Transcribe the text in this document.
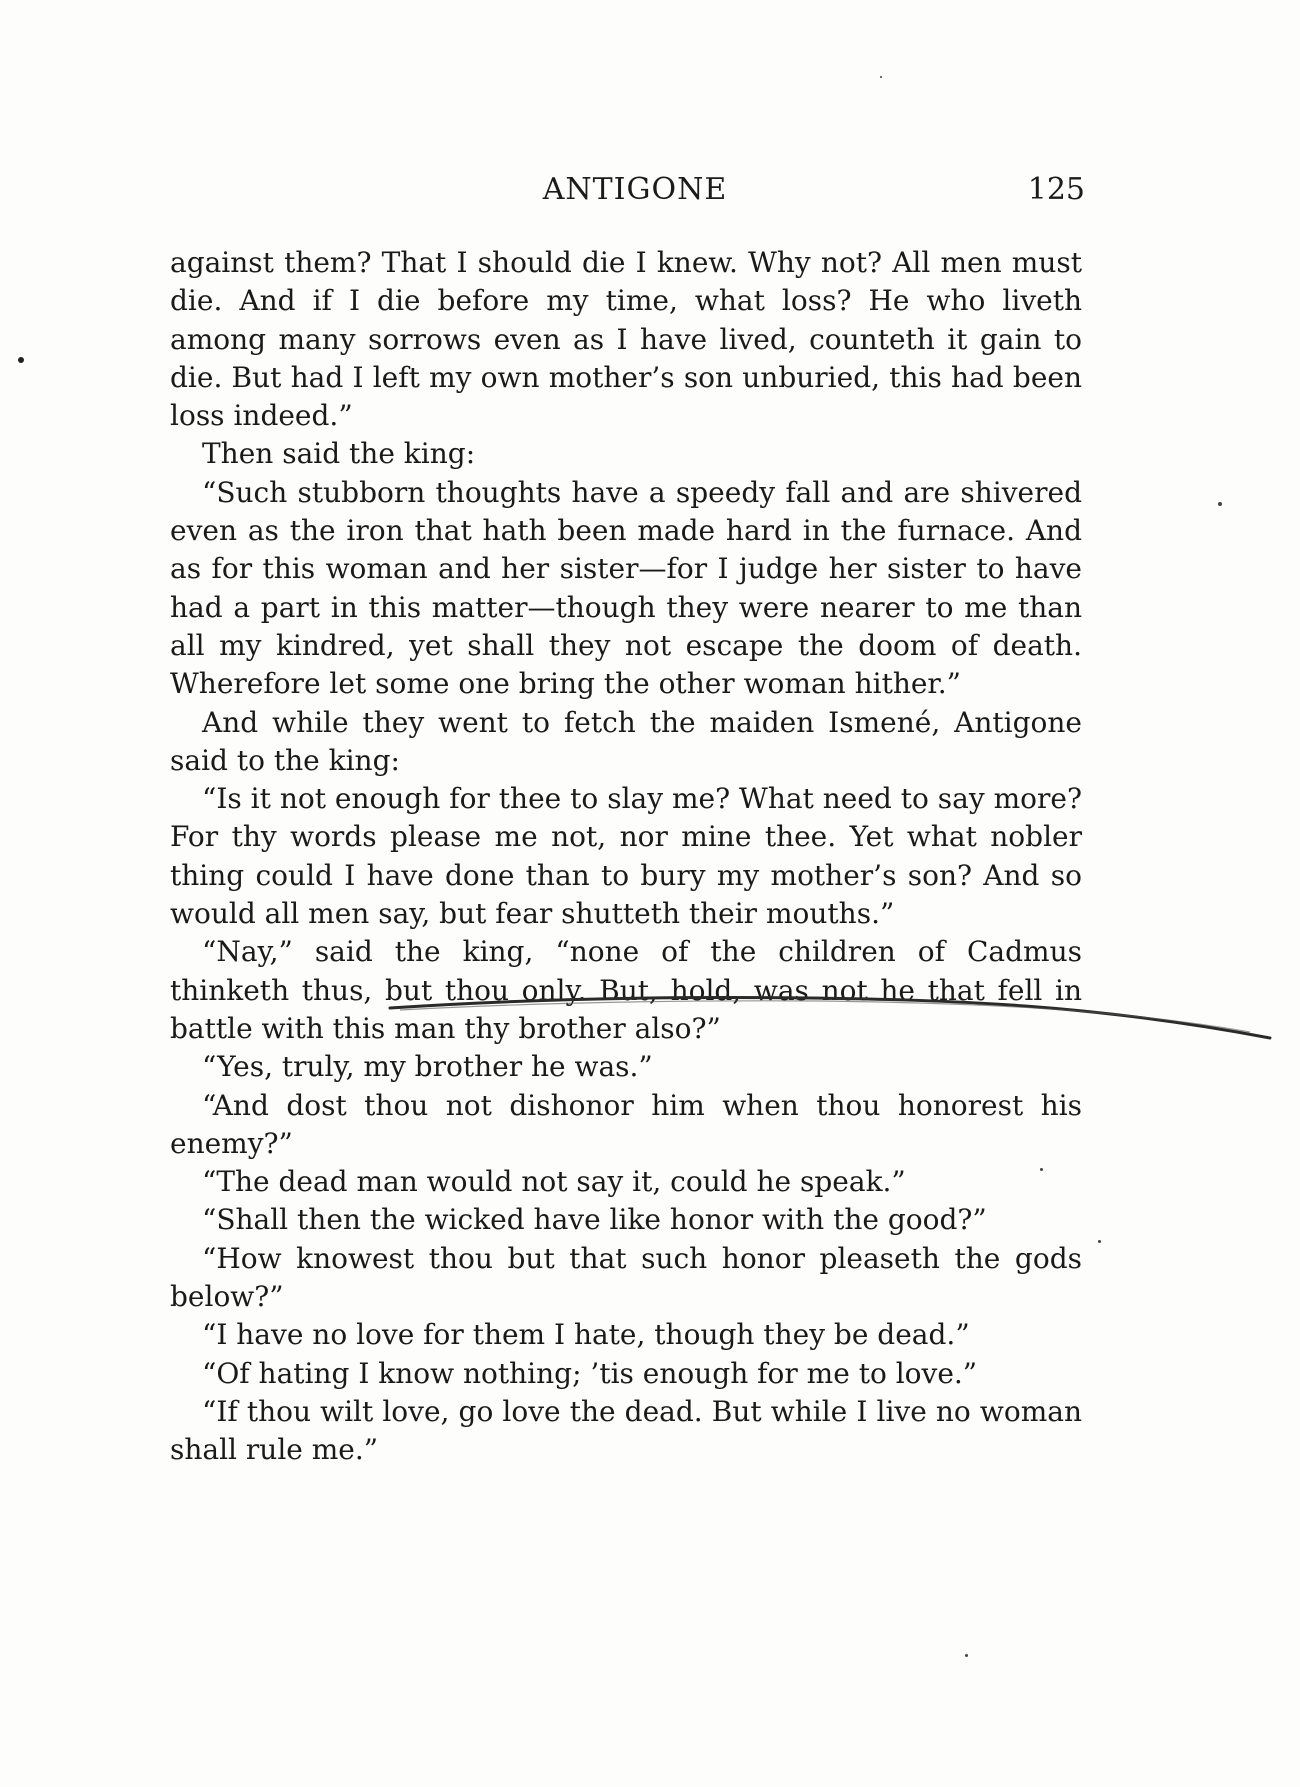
ANTIGONE	125

against them? That I should die I knew. Why not? All men must die. And if I die before my time, what loss? He who liveth among many sorrows even as I have lived, counteth it gain to die. But had I left my own mother’s son unburied, this had been loss indeed.”

Then said the king:

“Such stubborn thoughts have a speedy fall and are shivered even as the iron that hath been made hard in the furnace. And as for this woman and her sister—for I judge her sister to have had a part in this matter—though they were nearer to me than all my kindred, yet shall they not escape the doom of death. Wherefore let some one bring the other woman hither.”

And while they went to fetch the maiden Ismené, Antigone said to the king:

“Is it not enough for thee to slay me? What need to say more? For thy words please me not, nor mine thee. Yet what nobler thing could I have done than to bury my mother’s son? And so would all men say, but fear shutteth their mouths.”

“Nay,” said the king, “none of the children of Cadmus thinketh thus, but thou only. But, hold, was not he that fell in battle with this man thy brother also?”

“Yes, truly, my brother he was.”

“And dost thou not dishonor him when thou honorest his enemy?”

“The dead man would not say it, could he speak.”

“Shall then the wicked have like honor with the good?”

“How knowest thou but that such honor pleaseth the gods below?”

“I have no love for them I hate, though they be dead.”

“Of hating I know nothing; ’tis enough for me to love.”

“If thou wilt love, go love the dead. But while I live no woman shall rule me.”
